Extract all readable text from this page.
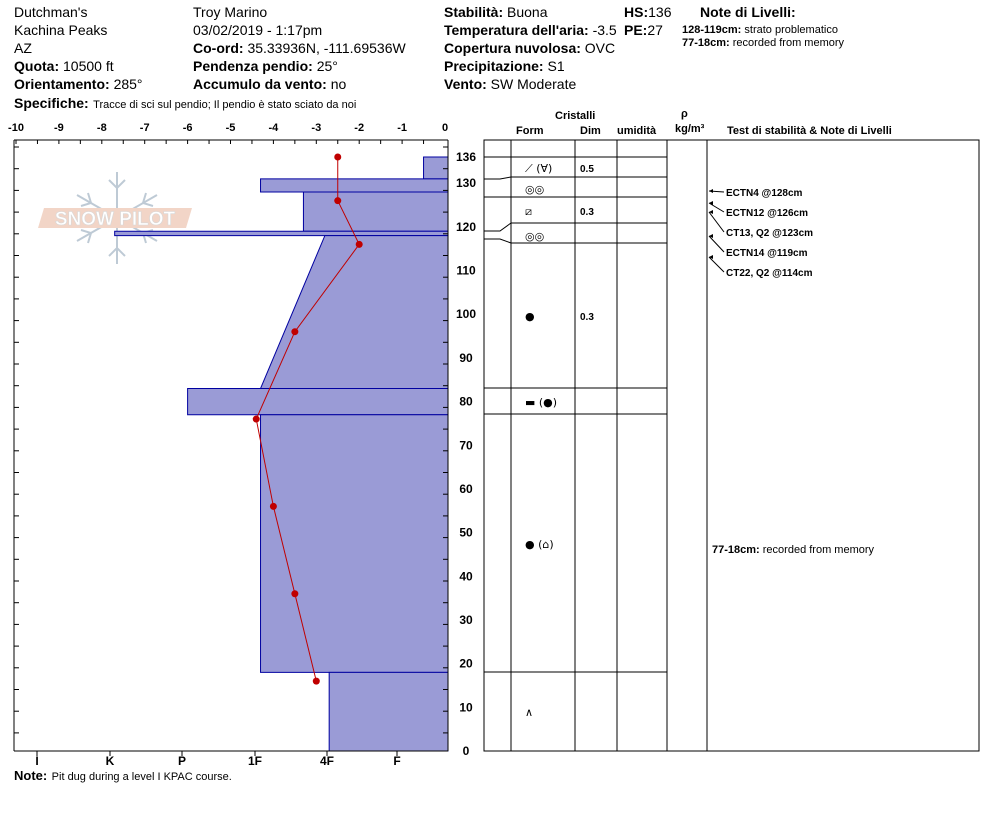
Dutchman's
Kachina Peaks
AZ
Quota: 10500 ft
Orientamento: 285°
Specifiche: Tracce di sci sul pendio; Il pendio è stato sciato da noi
Troy Marino
03/02/2019 - 1:17pm
Co-ord: 35.33936N, -111.69536W
Pendenza pendio: 25°
Accumulo da vento: no
Stabilità: Buona	HS:136
Temperatura dell'aria: -3.5 PE:27
Copertura nuvolosa: OVC
Precipitazione: S1
Vento: SW Moderate
Note di Livelli:
128-119cm: strato problematico
77-18cm: recorded from memory
Cristalli
Form	Dim umidità
ρ
kg/m³ Test di stabilità & Note di Livelli
Note: Pit dug during a level I KPAC course.
SNOW PILOT
-10	-9	-8	-7	-6	-5	-4	-3	-2	-1	0
I	K	P	1F	4F	F
136
130
120
110
100
90
80
70
60
50
40
30
20
10
0
⟋ (∀)	0.5
◎◎
⧄	0.3
◎◎
●	0.3
▬ (●)
● (⌂)
∧
ECTN4 @128cm
ECTN12 @126cm
CT13, Q2 @123cm
ECTN14 @119cm
CT22, Q2 @114cm
77-18cm: recorded from memory
